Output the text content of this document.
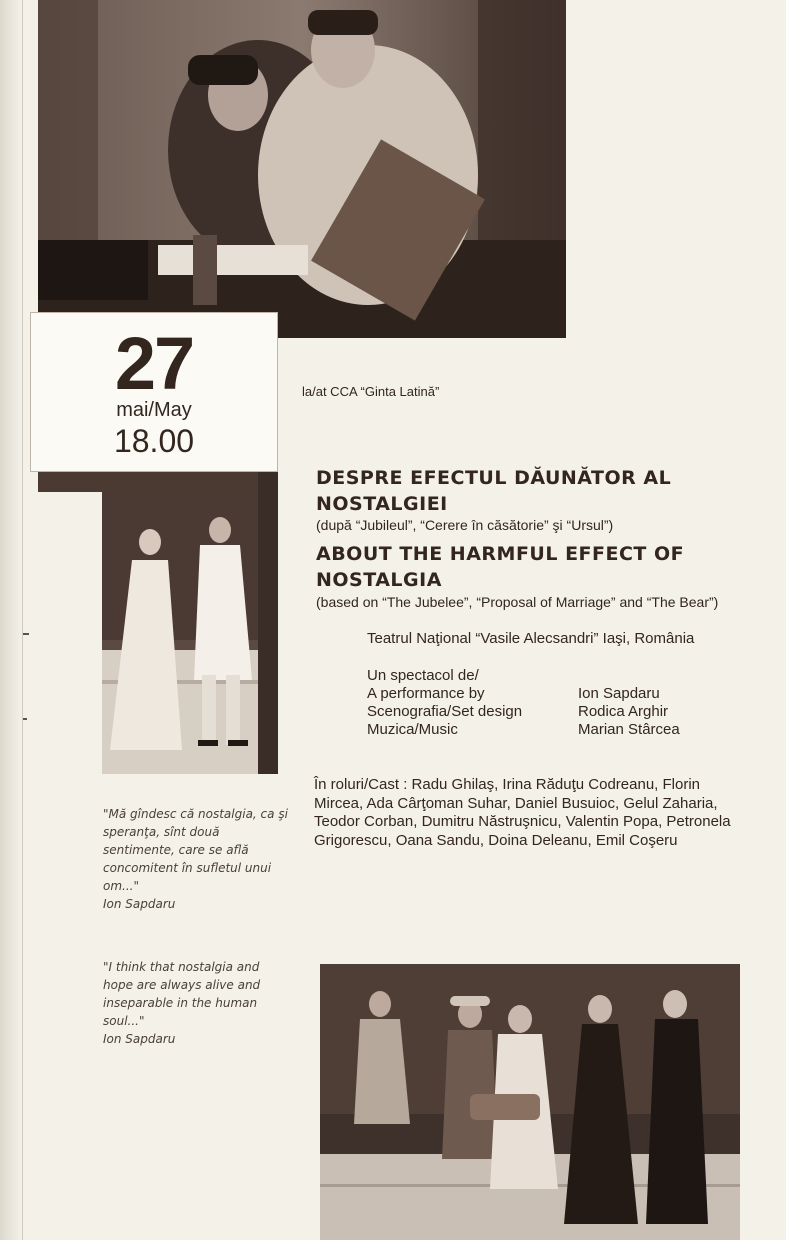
27
mai/May
18.00
la/at CCA “Ginta Latină”
DESPRE EFECTUL DĂUNĂTOR AL NOSTALGIEI
(după “Jubileul”, “Cerere în căsătorie” şi “Ursul”)
ABOUT THE HARMFUL EFFECT OF NOSTALGIA
(based on “The Jubelee”, “Proposal of Marriage” and “The Bear”)
Teatrul Naţional “Vasile Alecsandri” Iaşi, România
Un spectacol de/
A performance by
Scenografia/Set design
Muzica/Music
Ion Sapdaru
Rodica Arghir
Marian Stârcea
În roluri/Cast : Radu Ghilaş, Irina Răduţu Codreanu, Florin Mircea, Ada Cârţoman Suhar, Daniel Busuioc, Gelul Zaharia, Teodor Corban, Dumitru Năstruşnicu, Valentin Popa, Petronela Grigorescu, Oana Sandu, Doina Deleanu, Emil Coşeru
"Mă gîndesc că nostalgia, ca şi speranţa, sînt două sentimente, care se află concomitent în sufletul unui om..."
Ion Sapdaru
"I think that nostalgia and hope are always alive and inseparable in the human soul..."
Ion Sapdaru
